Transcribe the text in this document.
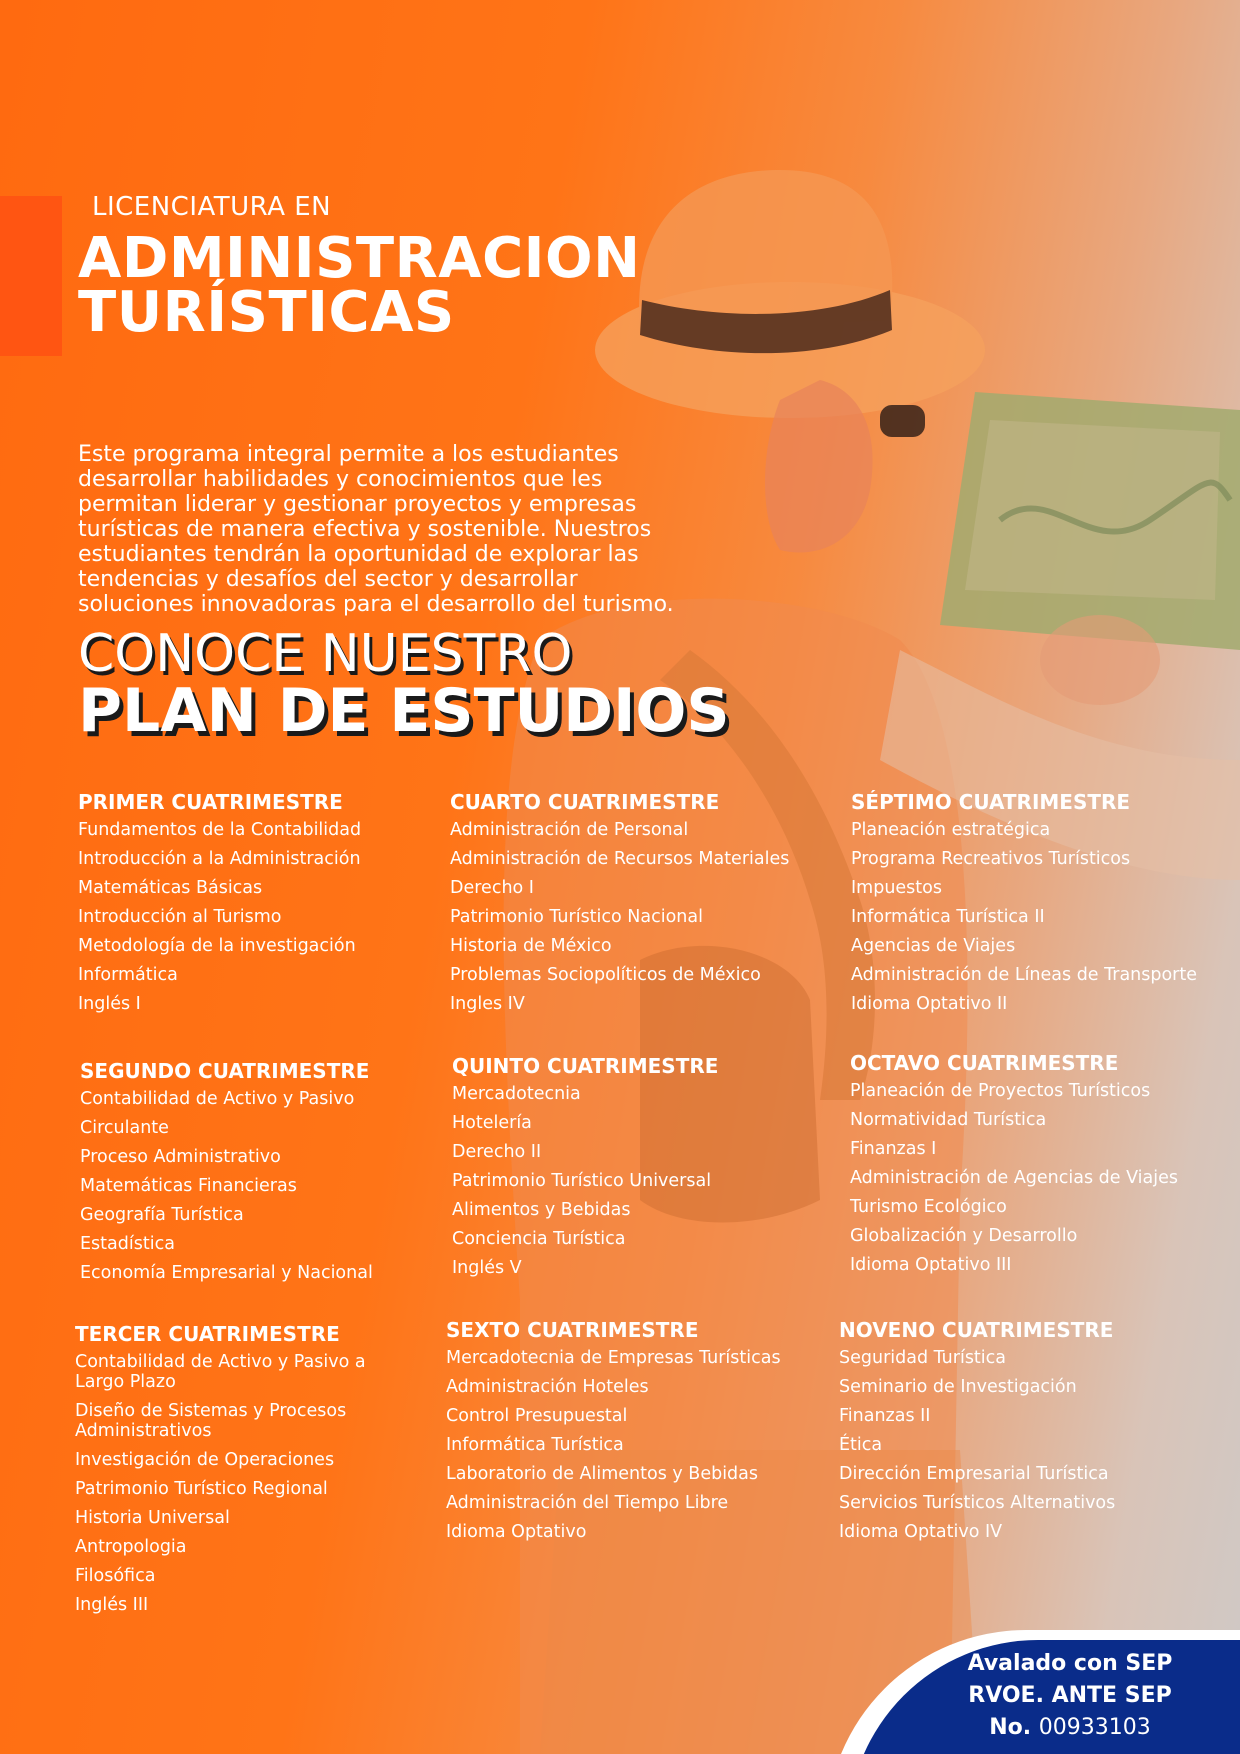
LICENCIATURA EN
ADMINISTRACION
TURÍSTICAS
Este programa integral permite a los estudiantes desarrollar habilidades y conocimientos que les permitan liderar y gestionar proyectos y empresas turísticas de manera efectiva y sostenible. Nuestros estudiantes tendrán la oportunidad de explorar las tendencias y desafíos del sector y desarrollar soluciones innovadoras para el desarrollo del turismo.
CONOCE NUESTRO
PLAN DE ESTUDIOS
PRIMER CUATRIMESTRE
Fundamentos de la Contabilidad
Introducción a la Administración
Matemáticas Básicas
Introducción al Turismo
Metodología de la investigación
Informática
Inglés I
SEGUNDO CUATRIMESTRE
Contabilidad de Activo y Pasivo
Circulante
Proceso Administrativo
Matemáticas Financieras
Geografía Turística
Estadística
Economía Empresarial y Nacional
TERCER CUATRIMESTRE
Contabilidad de Activo y Pasivo a Largo Plazo
Diseño de Sistemas y Procesos Administrativos
Investigación de Operaciones
Patrimonio Turístico Regional
Historia Universal
Antropologia
Filosófica
Inglés III
CUARTO CUATRIMESTRE
Administración de Personal
Administración de Recursos Materiales
Derecho I
Patrimonio Turístico Nacional
Historia de México
Problemas Sociopolíticos de México
Ingles IV
QUINTO CUATRIMESTRE
Mercadotecnia
Hotelería
Derecho II
Patrimonio Turístico Universal
Alimentos y Bebidas
Conciencia Turística
Inglés V
SEXTO CUATRIMESTRE
Mercadotecnia de Empresas Turísticas
Administración Hoteles
Control Presupuestal
Informática Turística
Laboratorio de Alimentos y Bebidas
Administración del Tiempo Libre
Idioma Optativo
SÉPTIMO CUATRIMESTRE
Planeación estratégica
Programa Recreativos Turísticos
Impuestos
Informática Turística II
Agencias de Viajes
Administración de Líneas de Transporte
Idioma Optativo II
OCTAVO CUATRIMESTRE
Planeación de Proyectos Turísticos
Normatividad Turística
Finanzas I
Administración de Agencias de Viajes
Turismo Ecológico
Globalización y Desarrollo
Idioma Optativo III
NOVENO CUATRIMESTRE
Seguridad Turística
Seminario de Investigación
Finanzas II
Ética
Dirección Empresarial Turística
Servicios Turísticos Alternativos
Idioma Optativo IV
Avalado con SEP
RVOE. ANTE SEP
No. 00933103
